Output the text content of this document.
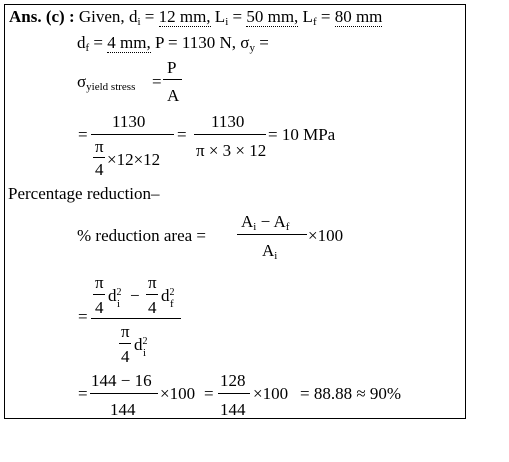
Ans. (c) : Given, $d_i = 12$ mm, $L_i = 50$ mm, $L_f = 80$ mm
$d_f = 4$ mm, P = 1130 N, $\sigma_y$ =
$\sigma_{yield stress}$ =
P
A
=
1130
π
4
×12×12
=
1130
π × 3 × 12
= 10 MPa
Percentage reduction–
% reduction area =
$A_i - A_f$
$A_i$
×100
=
π
4
$d^2$
i −
π
4
$d^2$
f
π
4
$d^2$
i
=
144 − 16
144
×100 =
128
144
×100 = 88.88 ≈ 90%
